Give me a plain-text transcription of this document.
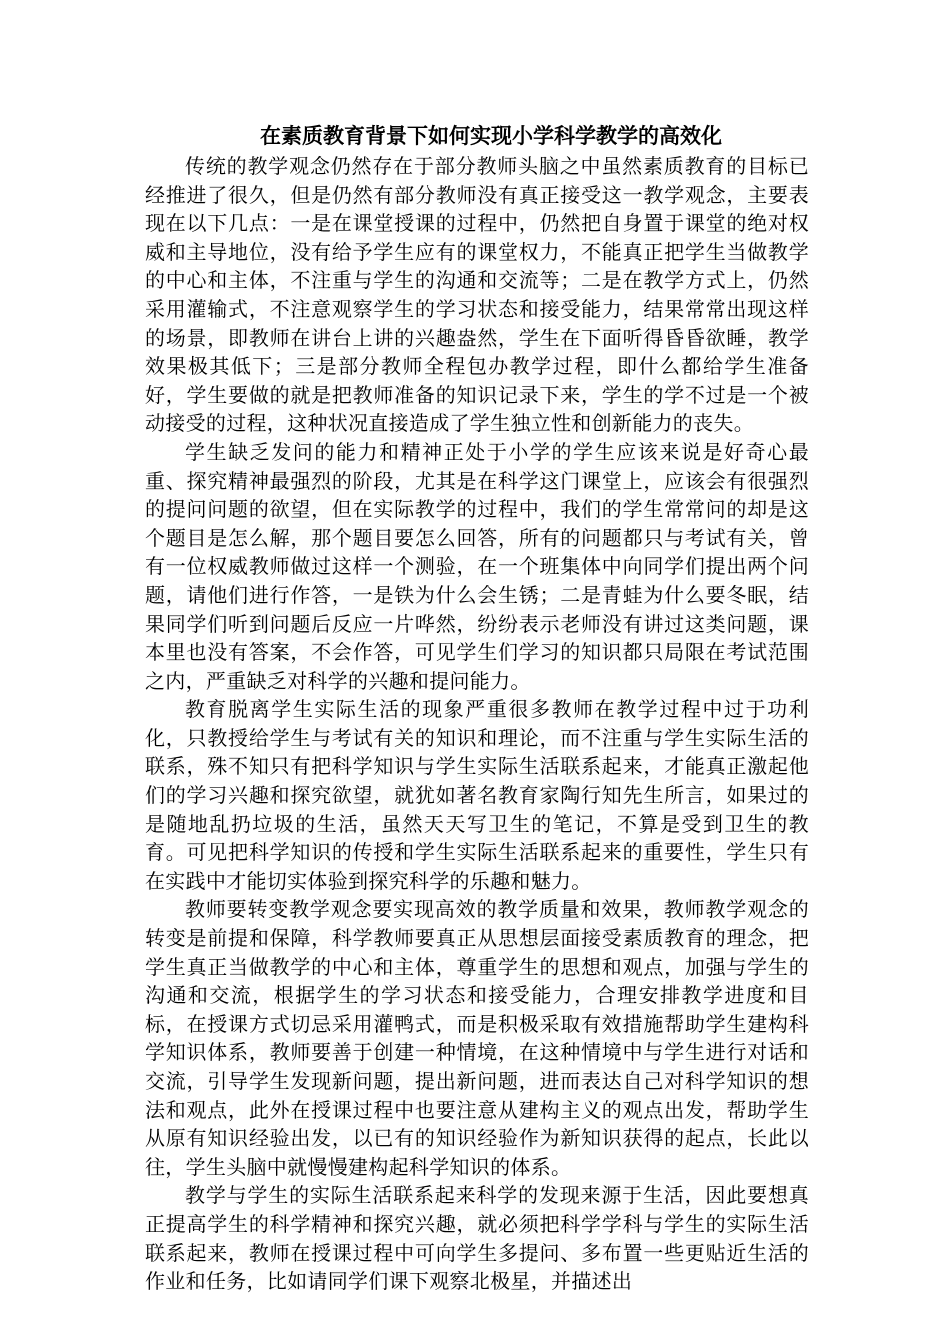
在素质教育背景下如何实现小学科学教学的高效化

传统的教学观念仍然存在于部分教师头脑之中虽然素质教育的目标已经推进了很久，但是仍然有部分教师没有真正接受这一教学观念，主要表现在以下几点：一是在课堂授课的过程中，仍然把自身置于课堂的绝对权威和主导地位，没有给予学生应有的课堂权力，不能真正把学生当做教学的中心和主体，不注重与学生的沟通和交流等；二是在教学方式上，仍然采用灌输式，不注意观察学生的学习状态和接受能力，结果常常出现这样的场景，即教师在讲台上讲的兴趣盎然，学生在下面听得昏昏欲睡，教学效果极其低下；三是部分教师全程包办教学过程，即什么都给学生准备好，学生要做的就是把教师准备的知识记录下来，学生的学不过是一个被动接受的过程，这种状况直接造成了学生独立性和创新能力的丧失。

学生缺乏发问的能力和精神正处于小学的学生应该来说是好奇心最重、探究精神最强烈的阶段，尤其是在科学这门课堂上，应该会有很强烈的提问问题的欲望，但在实际教学的过程中，我们的学生常常问的却是这个题目是怎么解，那个题目要怎么回答，所有的问题都只与考试有关，曾有一位权威教师做过这样一个测验，在一个班集体中向同学们提出两个问题，请他们进行作答，一是铁为什么会生锈；二是青蛙为什么要冬眠，结果同学们听到问题后反应一片哗然，纷纷表示老师没有讲过这类问题，课本里也没有答案，不会作答，可见学生们学习的知识都只局限在考试范围之内，严重缺乏对科学的兴趣和提问能力。

教育脱离学生实际生活的现象严重很多教师在教学过程中过于功利化，只教授给学生与考试有关的知识和理论，而不注重与学生实际生活的联系，殊不知只有把科学知识与学生实际生活联系起来，才能真正激起他们的学习兴趣和探究欲望，就犹如著名教育家陶行知先生所言，如果过的是随地乱扔垃圾的生活，虽然天天写卫生的笔记，不算是受到卫生的教育。可见把科学知识的传授和学生实际生活联系起来的重要性，学生只有在实践中才能切实体验到探究科学的乐趣和魅力。

教师要转变教学观念要实现高效的教学质量和效果，教师教学观念的转变是前提和保障，科学教师要真正从思想层面接受素质教育的理念，把学生真正当做教学的中心和主体，尊重学生的思想和观点，加强与学生的沟通和交流，根据学生的学习状态和接受能力，合理安排教学进度和目标，在授课方式切忌采用灌鸭式，而是积极采取有效措施帮助学生建构科学知识体系，教师要善于创建一种情境，在这种情境中与学生进行对话和交流，引导学生发现新问题，提出新问题，进而表达自己对科学知识的想法和观点，此外在授课过程中也要注意从建构主义的观点出发，帮助学生从原有知识经验出发，以已有的知识经验作为新知识获得的起点，长此以往，学生头脑中就慢慢建构起科学知识的体系。

教学与学生的实际生活联系起来科学的发现来源于生活，因此要想真正提高学生的科学精神和探究兴趣，就必须把科学学科与学生的实际生活联系起来，教师在授课过程中可向学生多提问、多布置一些更贴近生活的作业和任务，比如请同学们课下观察北极星，并描述出
